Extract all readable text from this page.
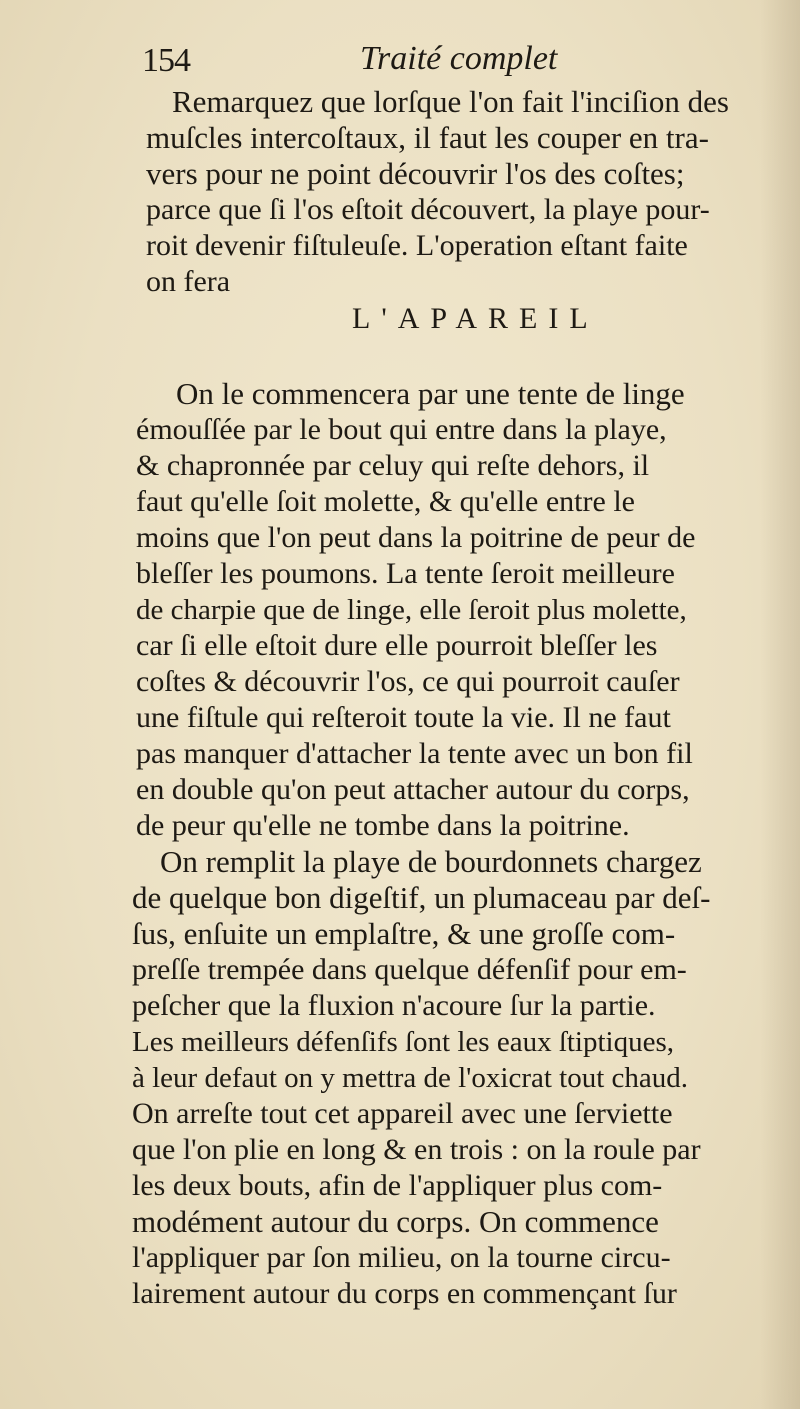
154	Traité complet
Remarquez que lorſque l'on fait l'inciſion des
muſcles intercoſtaux, il faut les couper en tra-
vers pour ne point découvrir l'os des coſtes;
parce que ſi l'os eſtoit découvert, la playe pour-
roit devenir fiſtuleuſe. L'operation eſtant faite
on fera
L'APAREIL
On le commencera par une tente de linge
émouſſée par le bout qui entre dans la playe,
& chapronnée par celuy qui reſte dehors, il
faut qu'elle ſoit molette, & qu'elle entre le
moins que l'on peut dans la poitrine de peur de
bleſſer les poumons. La tente ſeroit meilleure
de charpie que de linge, elle ſeroit plus molette,
car ſi elle eſtoit dure elle pourroit bleſſer les
coſtes & découvrir l'os, ce qui pourroit cauſer
une fiſtule qui reſteroit toute la vie. Il ne faut
pas manquer d'attacher la tente avec un bon fil
en double qu'on peut attacher autour du corps,
de peur qu'elle ne tombe dans la poitrine.
On remplit la playe de bourdonnets chargez
de quelque bon digeſtif, un plumaceau par deſ-
ſus, enſuite un emplaſtre, & une groſſe com-
preſſe trempée dans quelque défenſif pour em-
peſcher que la fluxion n'acoure ſur la partie.
Les meilleurs défenſifs ſont les eaux ſtiptiques,
à leur defaut on y mettra de l'oxicrat tout chaud.
On arreſte tout cet appareil avec une ſerviette
que l'on plie en long & en trois : on la roule par
les deux bouts, afin de l'appliquer plus com-
modément autour du corps. On commence
l'appliquer par ſon milieu, on la tourne circu-
lairement autour du corps en commençant ſur
